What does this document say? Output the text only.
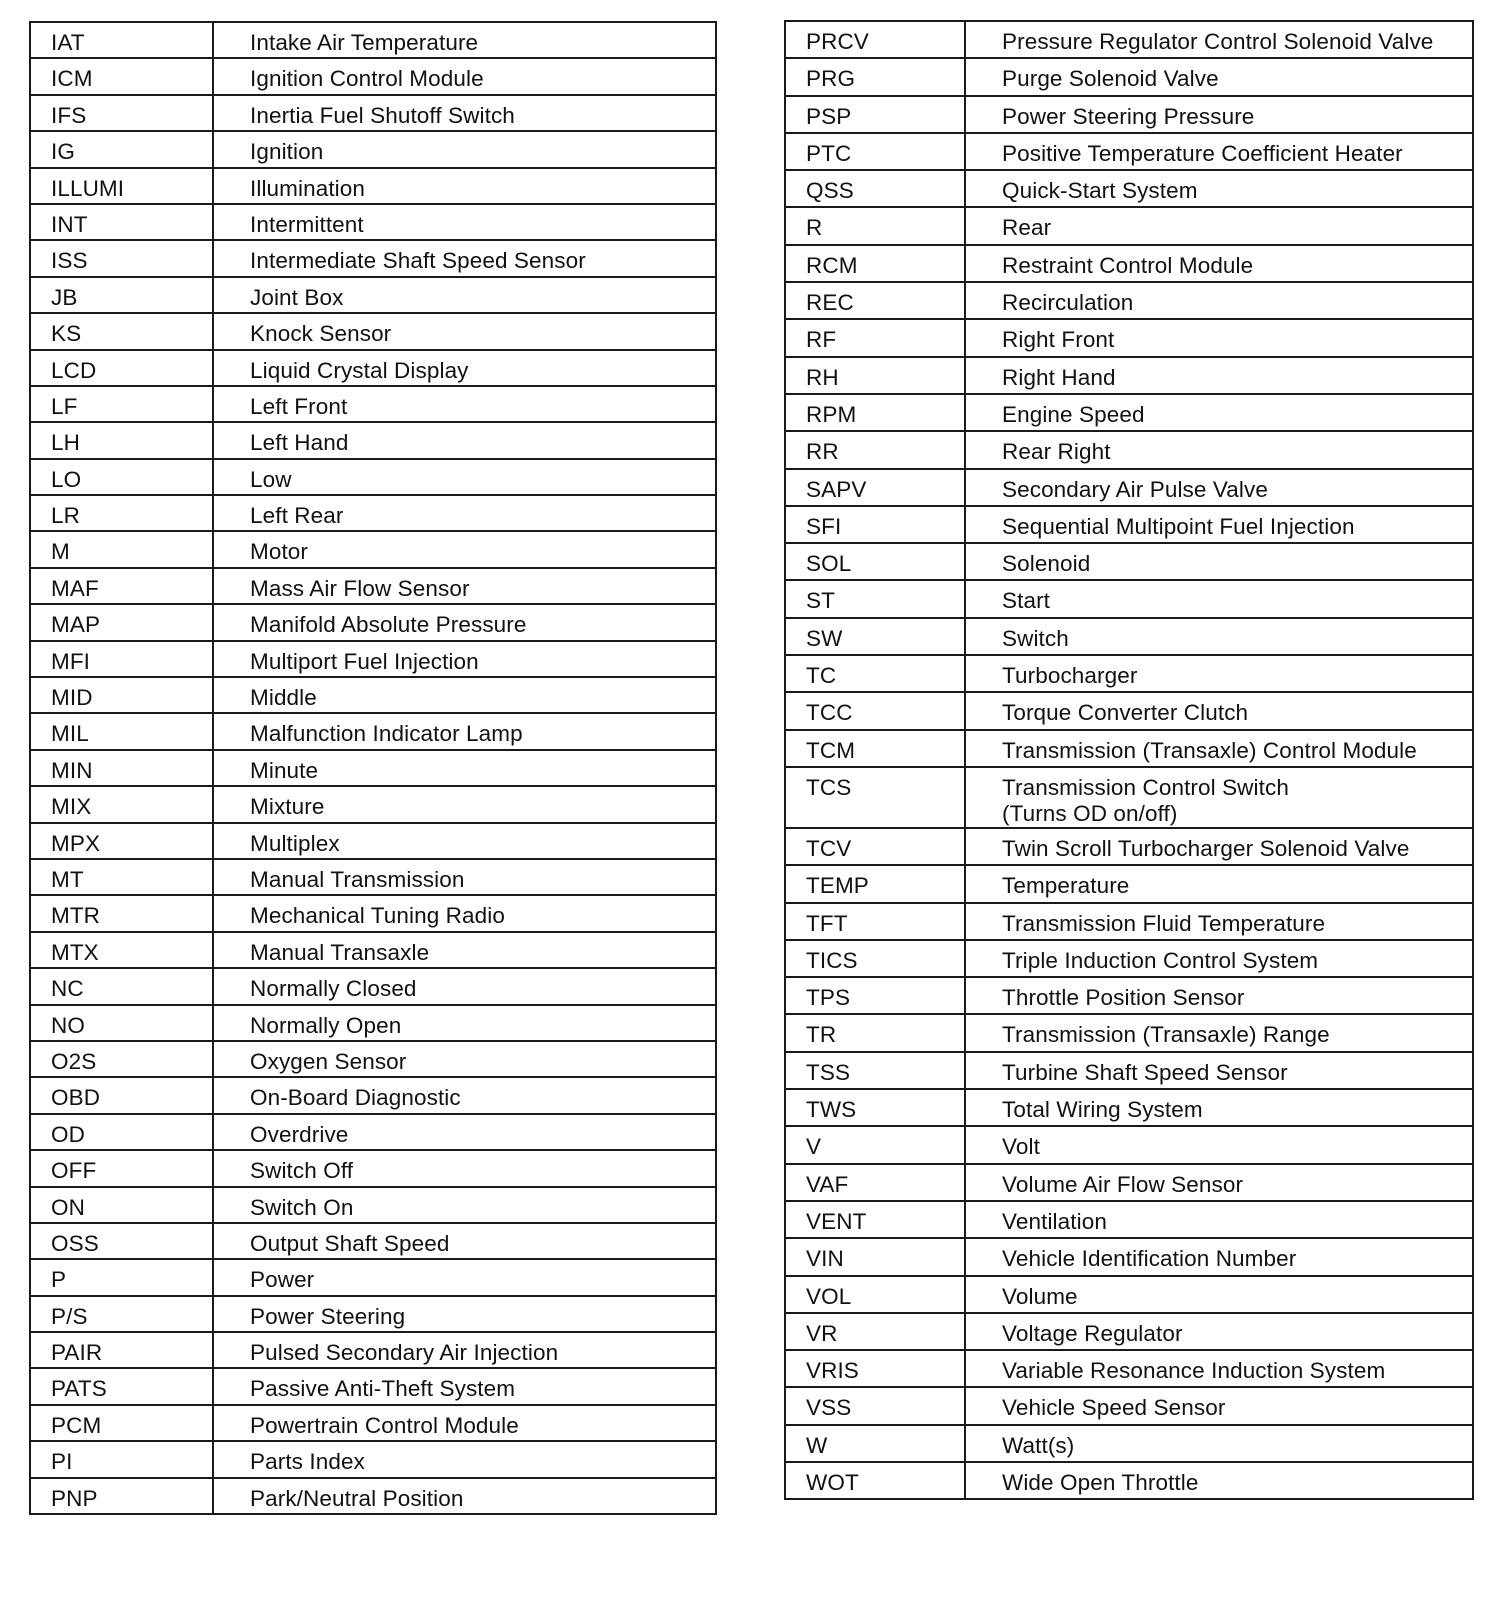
IAT	Intake Air Temperature

ICM	Ignition Control Module

IFS	Inertia Fuel Shutoff Switch

IG	Ignition

ILLUMI	Illumination

INT	Intermittent

ISS	Intermediate Shaft Speed Sensor

JB	Joint Box

KS	Knock Sensor

LCD	Liquid Crystal Display

LF	Left Front

LH	Left Hand

LO	Low

LR	Left Rear

M	Motor

MAF	Mass Air Flow Sensor

MAP	Manifold Absolute Pressure

MFI	Multiport Fuel Injection

MID	Middle

MIL	Malfunction Indicator Lamp

MIN	Minute

MIX	Mixture

MPX	Multiplex

MT	Manual Transmission

MTR	Mechanical Tuning Radio

MTX	Manual Transaxle

NC	Normally Closed

NO	Normally Open

O2S	Oxygen Sensor

OBD	On-Board Diagnostic

OD	Overdrive

OFF	Switch Off

ON	Switch On

OSS	Output Shaft Speed

P	Power

P/S	Power Steering

PAIR	Pulsed Secondary Air Injection

PATS	Passive Anti-Theft System

PCM	Powertrain Control Module

PI	Parts Index

PNP	Park/Neutral Position
PRCV	Pressure Regulator Control Solenoid Valve

PRG	Purge Solenoid Valve

PSP	Power Steering Pressure

PTC	Positive Temperature Coefficient Heater

QSS	Quick-Start System

R	Rear

RCM	Restraint Control Module

REC	Recirculation

RF	Right Front

RH	Right Hand

RPM	Engine Speed

RR	Rear Right

SAPV	Secondary Air Pulse Valve

SFI	Sequential Multipoint Fuel Injection

SOL	Solenoid

ST	Start

SW	Switch

TC	Turbocharger

TCC	Torque Converter Clutch

TCM	Transmission (Transaxle) Control Module

TCS	Transmission Control Switch
(Turns OD on/off)

TCV	Twin Scroll Turbocharger Solenoid Valve

TEMP	Temperature

TFT	Transmission Fluid Temperature

TICS	Triple Induction Control System

TPS	Throttle Position Sensor

TR	Transmission (Transaxle) Range

TSS	Turbine Shaft Speed Sensor

TWS	Total Wiring System

V	Volt

VAF	Volume Air Flow Sensor

VENT	Ventilation

VIN	Vehicle Identification Number

VOL	Volume

VR	Voltage Regulator

VRIS	Variable Resonance Induction System

VSS	Vehicle Speed Sensor

W	Watt(s)

WOT	Wide Open Throttle
